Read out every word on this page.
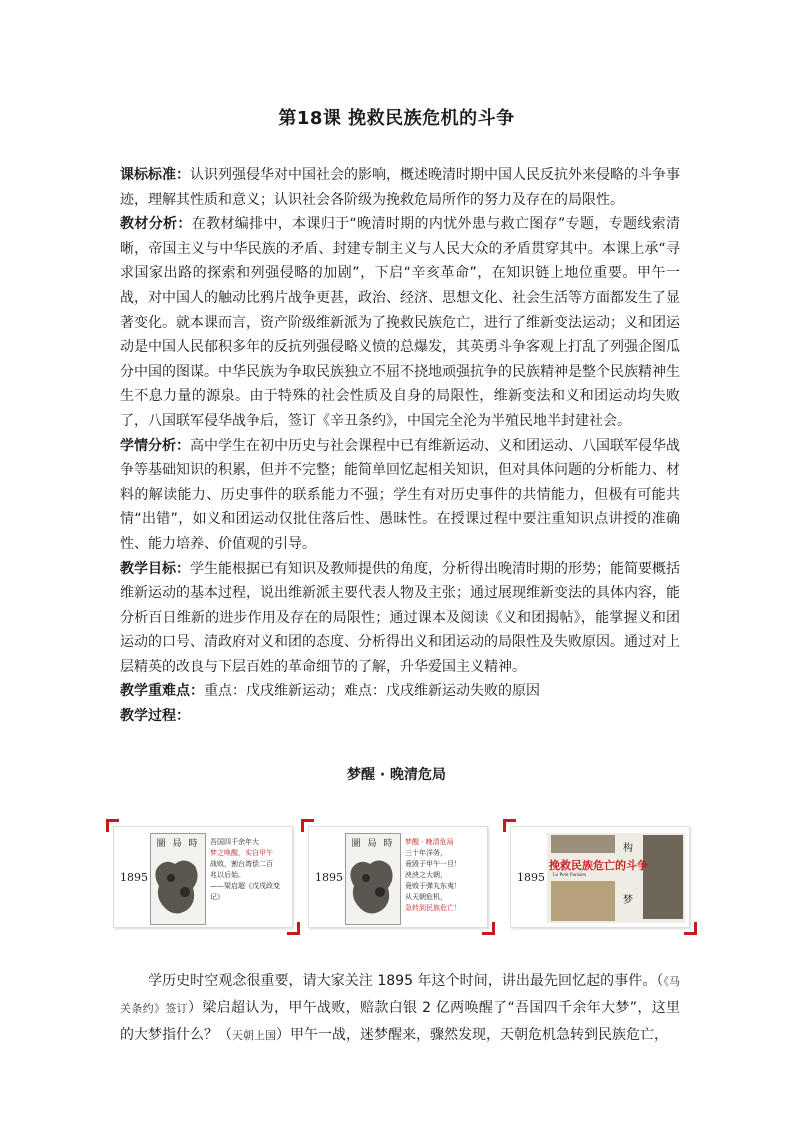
第18课 挽救民族危机的斗争

课标标准：认识列强侵华对中国社会的影响，概述晚清时期中国人民反抗外来侵略的斗争事迹，理解其性质和意义；认识社会各阶级为挽救危局所作的努力及存在的局限性。

教材分析：在教材编排中，本课归于“晚清时期的内忧外患与救亡图存”专题，专题线索清晰，帝国主义与中华民族的矛盾、封建专制主义与人民大众的矛盾贯穿其中。本课上承“寻求国家出路的探索和列强侵略的加剧”，下启“辛亥革命”，在知识链上地位重要。甲午一战，对中国人的触动比鸦片战争更甚，政治、经济、思想文化、社会生活等方面都发生了显著变化。就本课而言，资产阶级维新派为了挽救民族危亡，进行了维新变法运动；义和团运动是中国人民郁积多年的反抗列强侵略义愤的总爆发，其英勇斗争客观上打乱了列强企图瓜分中国的图谋。中华民族为争取民族独立不屈不挠地顽强抗争的民族精神是整个民族精神生生不息力量的源泉。由于特殊的社会性质及自身的局限性，维新变法和义和团运动均失败了，八国联军侵华战争后，签订《辛丑条约》，中国完全沦为半殖民地半封建社会。

学情分析：高中学生在初中历史与社会课程中已有维新运动、义和团运动、八国联军侵华战争等基础知识的积累，但并不完整；能简单回忆起相关知识，但对具体问题的分析能力、材料的解读能力、历史事件的联系能力不强；学生有对历史事件的共情能力，但极有可能共情“出错”，如义和团运动仅批住落后性、愚昧性。在授课过程中要注重知识点讲授的准确性、能力培养、价值观的引导。

教学目标：学生能根据已有知识及教师提供的角度，分析得出晚清时期的形势；能简要概括维新运动的基本过程，说出维新派主要代表人物及主张；通过展现维新变法的具体内容，能分析百日维新的进步作用及存在的局限性；通过课本及阅读《义和团揭帖》，能掌握义和团运动的口号、清政府对义和团的态度、分析得出义和团运动的局限性及失败原因。通过对上层精英的改良与下层百姓的革命细节的了解，升华爱国主义精神。

教学重难点：重点：戊戌维新运动；难点：戊戌维新运动失败的原因

教学过程：

梦醒 · 晚清危局
1895
圖 局 時	吾国四千余年大
梦之唤醒，实自甲午
战败，割台湾偿二百
兆以后始。
——梁启超《戊戌政变记》
1895
圖 局 時	梦醒 · 晚清危局
三十年洋务，
竟毁于甲午一旦！
泱泱之大朝，
竟败于弹丸东夷！
从天朝危机，
急转到民族危亡！
1895
挽救民族危亡的斗争
构
梦
Le Petit Parisien

学历史时空观念很重要，请大家关注 1895 年这个时间，讲出最先回忆起的事件。（《马关条约》签订）梁启超认为，甲午战败，赔款白银 2 亿两唤醒了“吾国四千余年大梦”，这里的大梦指什么？（天朝上国）甲午一战，迷梦醒来，骤然发现，天朝危机急转到民族危亡，
